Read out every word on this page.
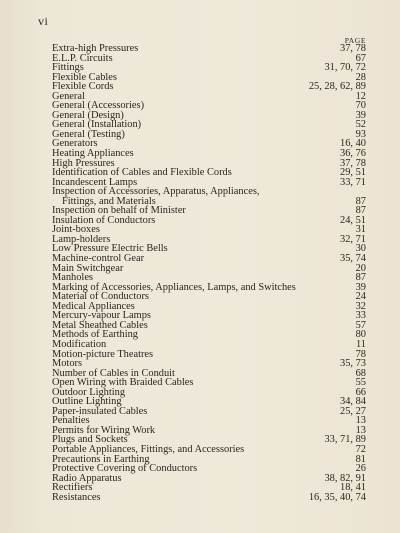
vi
PAGE
Extra-high Pressures	37, 78
E.L.P. Circuits	67
Fittings	31, 70, 72
Flexible Cables	28
Flexible Cords	25, 28, 62, 89
General	12
General (Accessories)	70
General (Design)	39
General (Installation)	52
General (Testing)	93
Generators	16, 40
Heating Appliances	36, 76
High Pressures	37, 78
Identification of Cables and Flexible Cords	29, 51
Incandescent Lamps	33, 71
Inspection of Accessories, Apparatus, Appliances,
Fittings, and Materials	87
Inspection on behalf of Minister	87
Insulation of Conductors	24, 51
Joint-boxes	31
Lamp-holders	32, 71
Low Pressure Electric Bells	30
Machine-control Gear	35, 74
Main Switchgear	20
Manholes	87
Marking of Accessories, Appliances, Lamps, and Switches	39
Material of Conductors	24
Medical Appliances	32
Mercury-vapour Lamps	33
Metal Sheathed Cables	57
Methods of Earthing	80
Modification	11
Motion-picture Theatres	78
Motors	35, 73
Number of Cables in Conduit	68
Open Wiring with Braided Cables	55
Outdoor Lighting	66
Outline Lighting	34, 84
Paper-insulated Cables	25, 27
Penalties	13
Permits for Wiring Work	13
Plugs and Sockets	33, 71, 89
Portable Appliances, Fittings, and Accessories	72
Precautions in Earthing	81
Protective Covering of Conductors	26
Radio Apparatus	38, 82, 91
Rectifiers	18, 41
Resistances	16, 35, 40, 74
